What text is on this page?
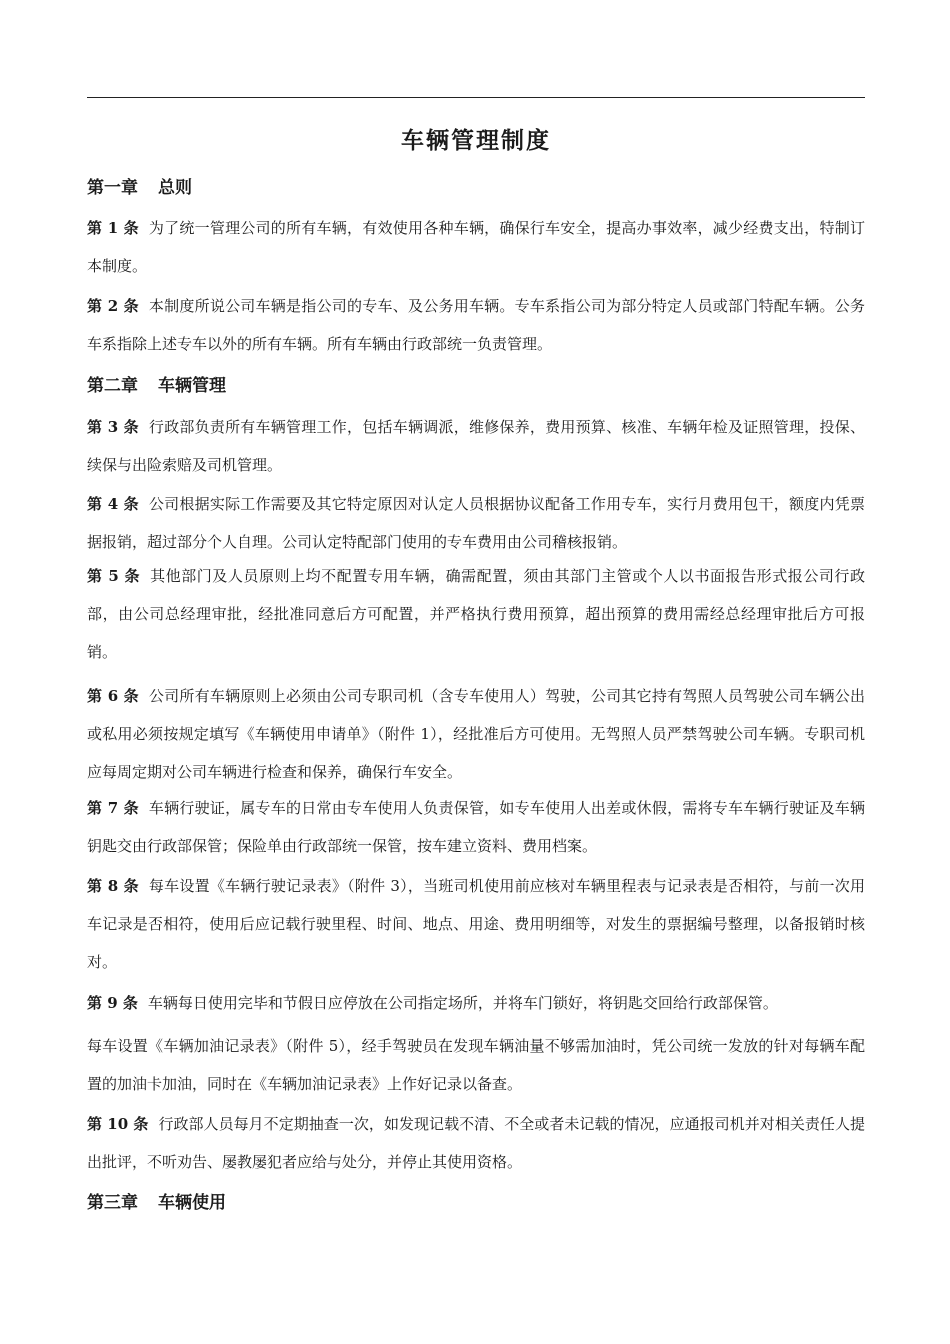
车辆管理制度
第一章 总则
第 1 条 为了统一管理公司的所有车辆，有效使用各种车辆，确保行车安全，提高办事效率，减少经费支出，特制订本制度。
第 2 条 本制度所说公司车辆是指公司的专车、及公务用车辆。专车系指公司为部分特定人员或部门特配车辆。公务车系指除上述专车以外的所有车辆。所有车辆由行政部统一负责管理。
第二章 车辆管理
第 3 条 行政部负责所有车辆管理工作，包括车辆调派，维修保养，费用预算、核准、车辆年检及证照管理，投保、续保与出险索赔及司机管理。
第 4 条 公司根据实际工作需要及其它特定原因对认定人员根据协议配备工作用专车，实行月费用包干，额度内凭票据报销，超过部分个人自理。公司认定特配部门使用的专车费用由公司稽核报销。
第 5 条 其他部门及人员原则上均不配置专用车辆，确需配置，须由其部门主管或个人以书面报告形式报公司行政部，由公司总经理审批，经批准同意后方可配置，并严格执行费用预算，超出预算的费用需经总经理审批后方可报销。
第 6 条 公司所有车辆原则上必须由公司专职司机（含专车使用人）驾驶，公司其它持有驾照人员驾驶公司车辆公出或私用必须按规定填写《车辆使用申请单》（附件 1），经批准后方可使用。无驾照人员严禁驾驶公司车辆。专职司机应每周定期对公司车辆进行检查和保养，确保行车安全。
第 7 条 车辆行驶证，属专车的日常由专车使用人负责保管，如专车使用人出差或休假，需将专车车辆行驶证及车辆钥匙交由行政部保管；保险单由行政部统一保管，按车建立资料、费用档案。
第 8 条 每车设置《车辆行驶记录表》（附件 3），当班司机使用前应核对车辆里程表与记录表是否相符，与前一次用车记录是否相符，使用后应记载行驶里程、时间、地点、用途、费用明细等，对发生的票据编号整理，以备报销时核对。
第 9 条 车辆每日使用完毕和节假日应停放在公司指定场所，并将车门锁好，将钥匙交回给行政部保管。
每车设置《车辆加油记录表》（附件 5），经手驾驶员在发现车辆油量不够需加油时，凭公司统一发放的针对每辆车配置的加油卡加油，同时在《车辆加油记录表》上作好记录以备查。
第 10 条 行政部人员每月不定期抽查一次，如发现记载不清、不全或者未记载的情况，应通报司机并对相关责任人提出批评，不听劝告、屡教屡犯者应给与处分，并停止其使用资格。
第三章 车辆使用
